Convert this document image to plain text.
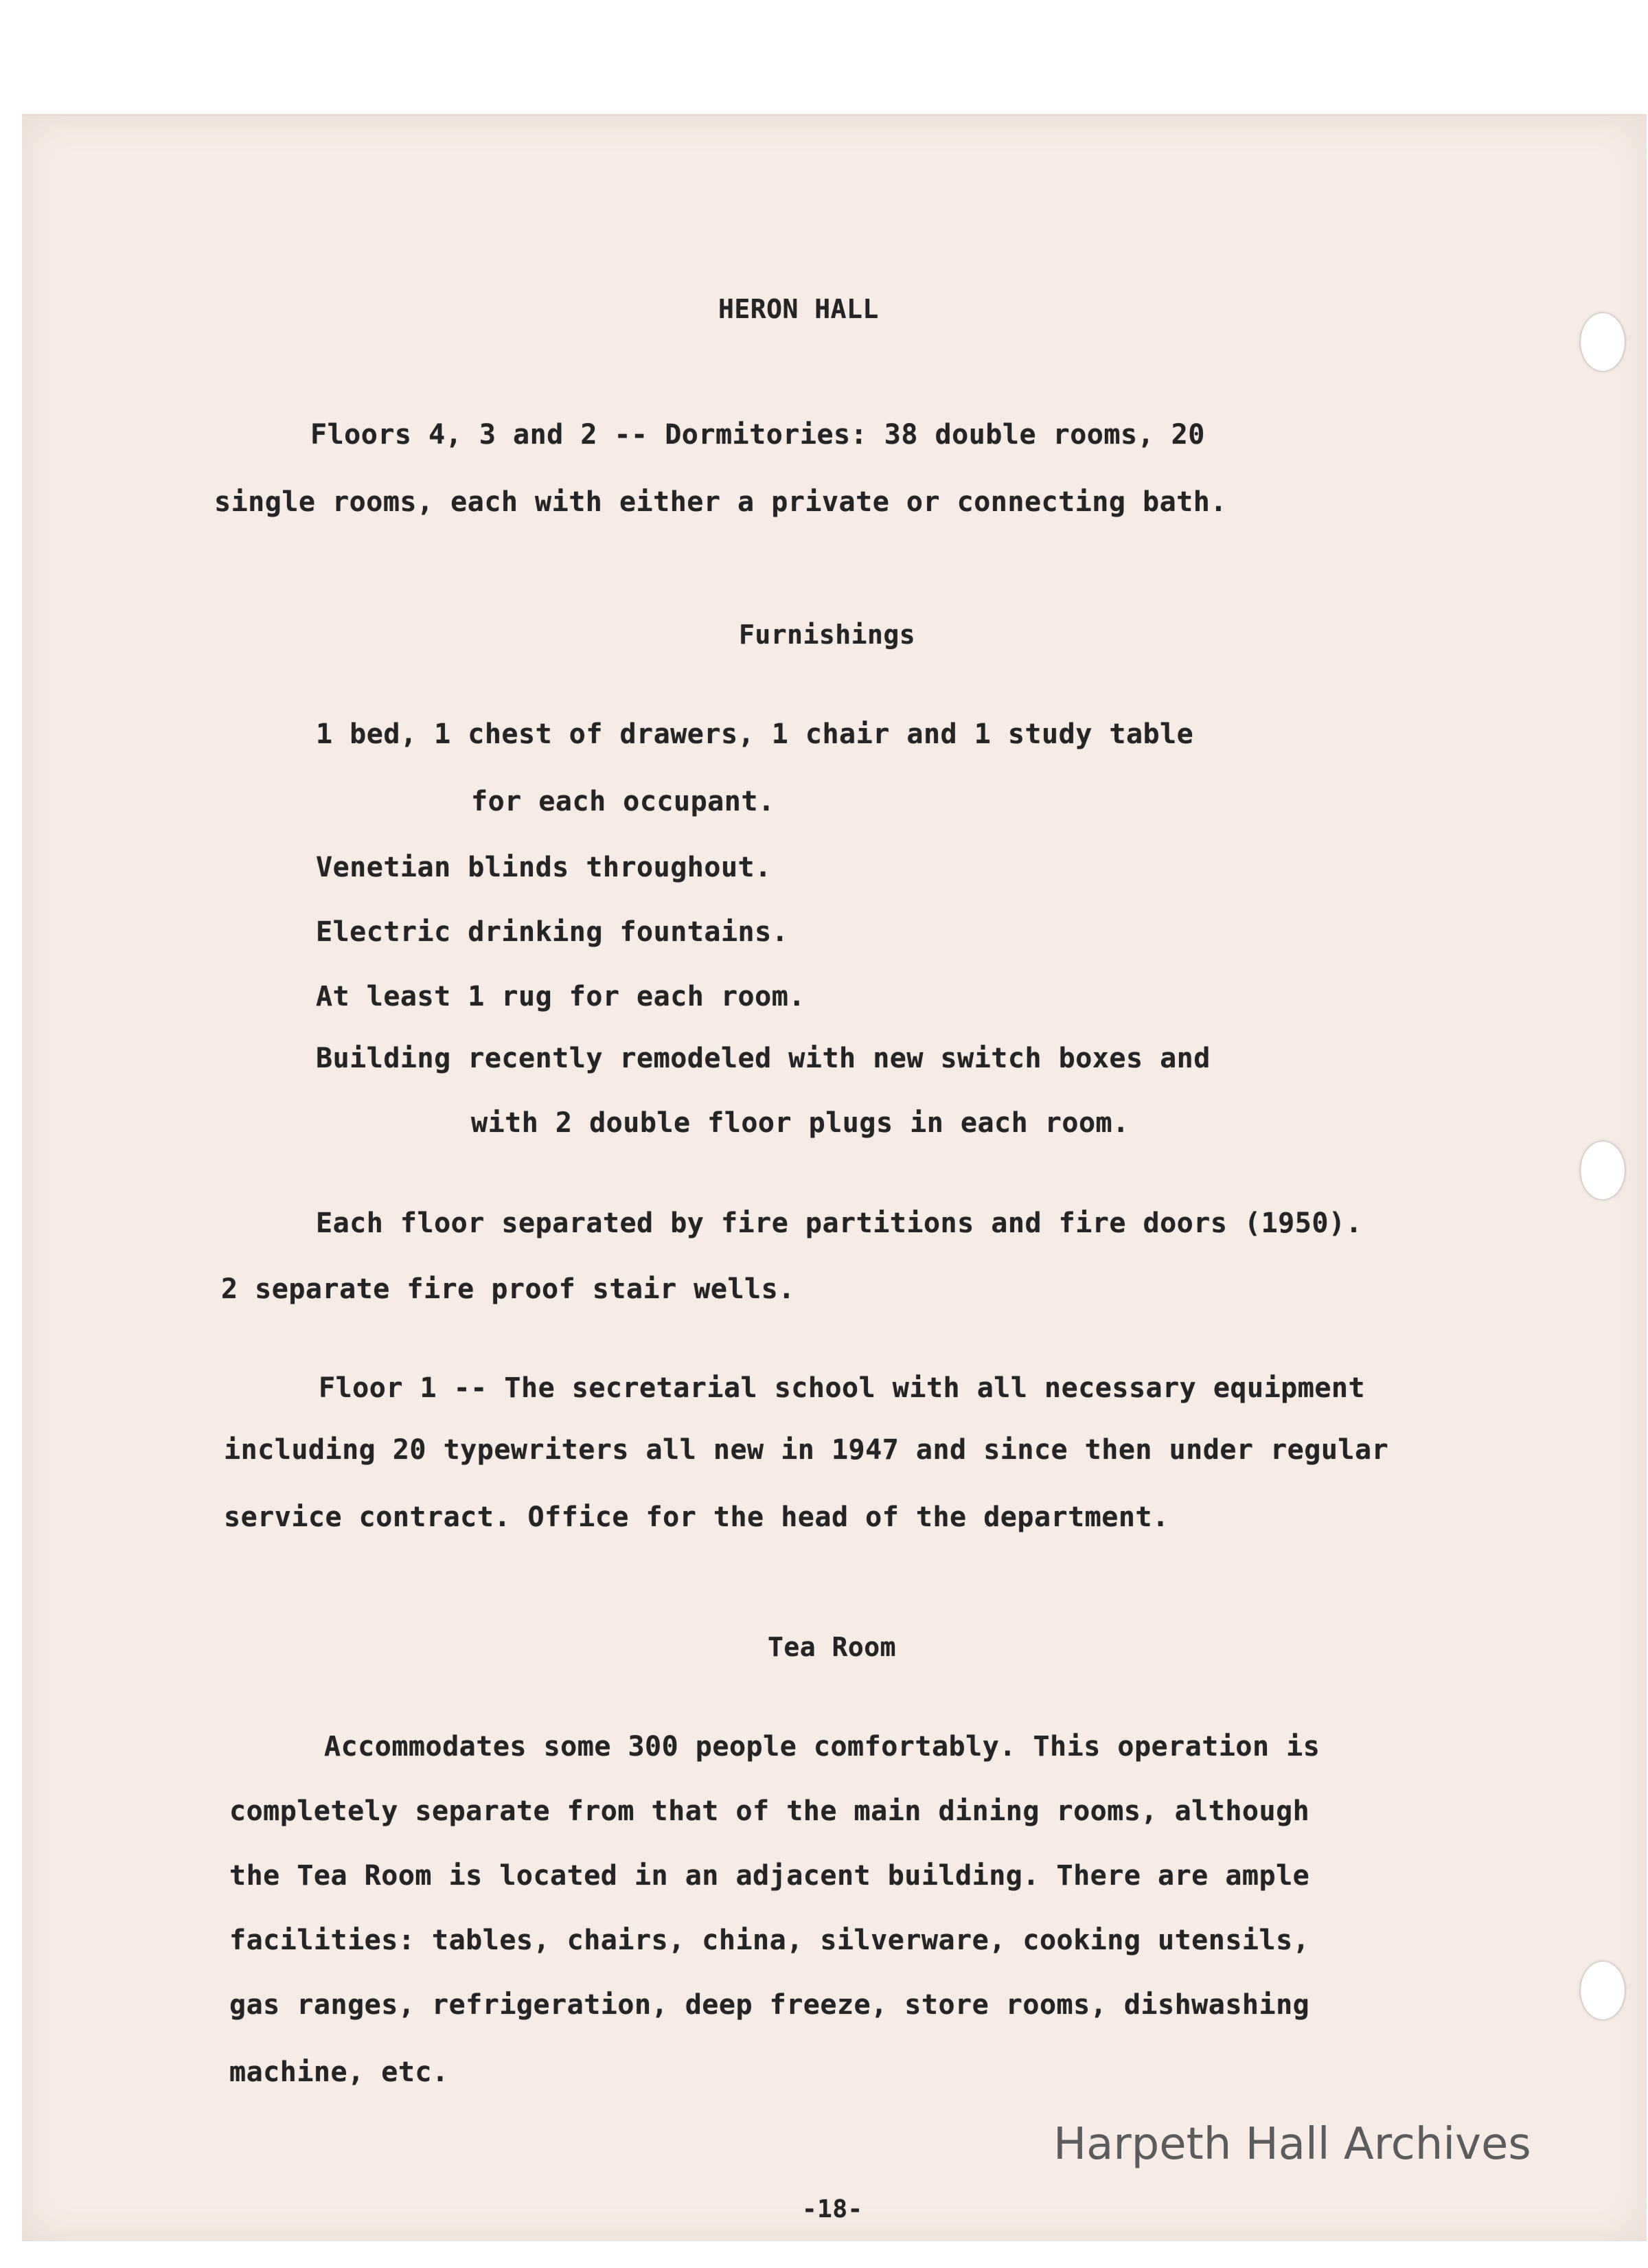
HERON HALL
Floors 4, 3 and 2 -- Dormitories: 38 double rooms, 20
single rooms, each with either a private or connecting bath.
Furnishings
1 bed, 1 chest of drawers, 1 chair and 1 study table
for each occupant.
Venetian blinds throughout.
Electric drinking fountains.
At least 1 rug for each room.
Building recently remodeled with new switch boxes and
with 2 double floor plugs in each room.
Each floor separated by fire partitions and fire doors (1950).
2 separate fire proof stair wells.
Floor 1 -- The secretarial school with all necessary equipment
including 20 typewriters all new in 1947 and since then under regular
service contract. Office for the head of the department.
Tea Room
Accommodates some 300 people comfortably. This operation is
completely separate from that of the main dining rooms, although
the Tea Room is located in an adjacent building. There are ample
facilities: tables, chairs, china, silverware, cooking utensils,
gas ranges, refrigeration, deep freeze, store rooms, dishwashing
machine, etc.
Harpeth Hall Archives
-18-
